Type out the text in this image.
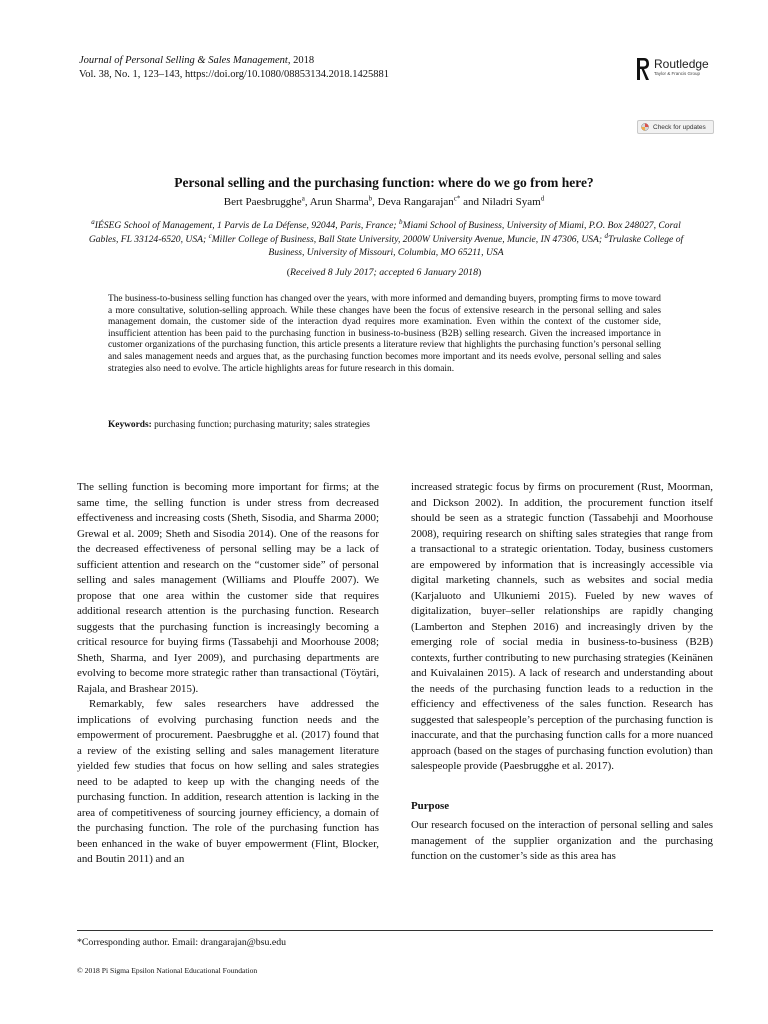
Journal of Personal Selling & Sales Management, 2018
Vol. 38, No. 1, 123–143, https://doi.org/10.1080/08853134.2018.1425881
Routledge
Taylor & Francis Group
Check for updates
Personal selling and the purchasing function: where do we go from here?
Bert Paesbrugghe$^a$, Arun Sharma$^b$, Deva Rangarajan$^{c*}$ and Niladri Syam$^d$
$^a$IÉSEG School of Management, 1 Parvis de La Défense, 92044, Paris, France; $^b$Miami School of Business, University of Miami, P.O. Box 248027, Coral Gables, FL 33124-6520, USA; $^c$Miller College of Business, Ball State University, 2000W University Avenue, Muncie, IN 47306, USA; $^d$Trulaske College of Business, University of Missouri, Columbia, MO 65211, USA
(Received 8 July 2017; accepted 6 January 2018)
The business-to-business selling function has changed over the years, with more informed and demanding buyers, prompting firms to move toward a more consultative, solution-selling approach. While these changes have been the focus of extensive research in the personal selling and sales management domain, the customer side of the interaction dyad requires more examination. Even within the context of the customer side, insufficient attention has been paid to the purchasing function in business-to-business (B2B) selling research. Given the increased importance in customer organizations of the purchasing function, this article presents a literature review that highlights the purchasing function’s personal selling and sales management needs and argues that, as the purchasing function becomes more important and its needs evolve, personal selling and sales strategies also need to evolve. The article highlights areas for future research in this domain.
Keywords: purchasing function; purchasing maturity; sales strategies

The selling function is becoming more important for firms; at the same time, the selling function is under stress from decreased effectiveness and increasing costs (Sheth, Sisodia, and Sharma 2000; Grewal et al. 2009; Sheth and Sisodia 2014). One of the reasons for the decreased effectiveness of personal selling may be a lack of sufficient attention and research on the “customer side” of personal selling and sales management (Williams and Plouffe 2007). We propose that one area within the customer side that requires additional research attention is the purchasing function. Research suggests that the purchasing function is increasingly becoming a critical resource for buying firms (Tassabehji and Moorhouse 2008; Sheth, Sharma, and Iyer 2009), and purchasing departments are evolving to become more strategic rather than transactional (Töytäri, Rajala, and Brashear 2015).

Remarkably, few sales researchers have addressed the implications of evolving purchasing function needs and the empowerment of procurement. Paesbrugghe et al. (2017) found that a review of the existing selling and sales management literature yielded few studies that focus on how selling and sales strategies need to be adapted to keep up with the changing needs of the purchasing function. In addition, research attention is lacking in the area of competitiveness of sourcing journey efficiency, a domain of the purchasing function. The role of the purchasing function has been enhanced in the wake of buyer empowerment (Flint, Blocker, and Boutin 2011) and an

increased strategic focus by firms on procurement (Rust, Moorman, and Dickson 2002). In addition, the procurement function itself should be seen as a strategic function (Tassabehji and Moorhouse 2008), requiring research on shifting sales strategies that range from a transactional to a strategic orientation. Today, business customers are empowered by information that is increasingly accessible via digital marketing channels, such as websites and social media (Karjaluoto and Ulkuniemi 2015). Fueled by new waves of digitalization, buyer–seller relationships are rapidly changing (Lamberton and Stephen 2016) and increasingly driven by the emerging role of social media in business-to-business (B2B) contexts, further contributing to new purchasing strategies (Keinänen and Kuivalainen 2015). A lack of research and understanding about the needs of the purchasing function leads to a reduction in the efficiency and effectiveness of the sales function. Research has suggested that salespeople’s perception of the purchasing function is inaccurate, and that the purchasing function calls for a more nuanced approach (based on the stages of purchasing function evolution) than salespeople provide (Paesbrugghe et al. 2017).

Purpose

Our research focused on the interaction of personal selling and sales management of the supplier organization and the purchasing function on the customer’s side as this area has

*Corresponding author. Email: drangarajan@bsu.edu
© 2018 Pi Sigma Epsilon National Educational Foundation
